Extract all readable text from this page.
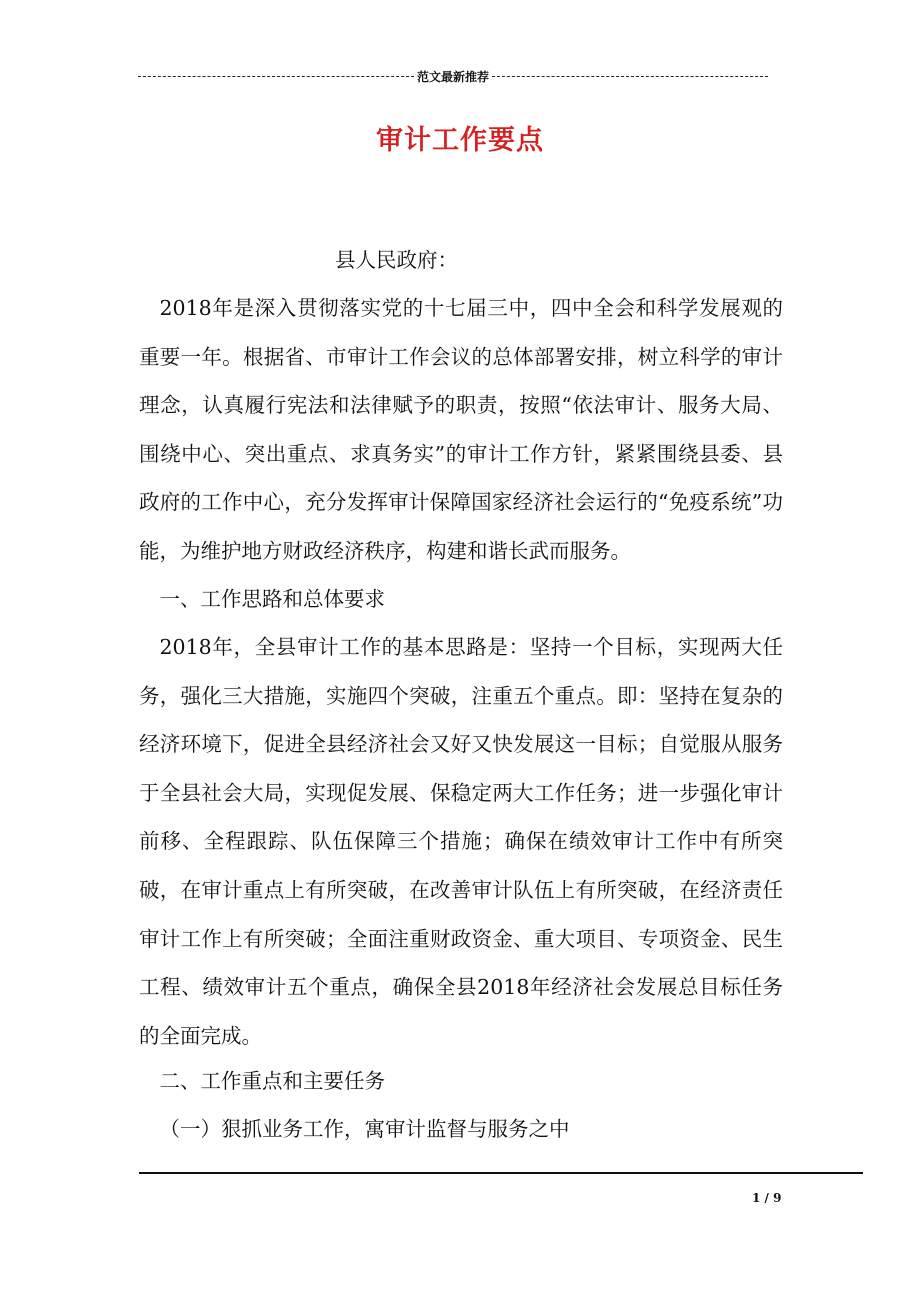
范文最新推荐
审计工作要点
县人民政府：

2018年是深入贯彻落实党的十七届三中，四中全会和科学发展观的重要一年。根据省、市审计工作会议的总体部署安排，树立科学的审计理念，认真履行宪法和法律赋予的职责，按照“依法审计、服务大局、围绕中心、突出重点、求真务实”的审计工作方针，紧紧围绕县委、县政府的工作中心，充分发挥审计保障国家经济社会运行的“免疫系统”功能，为维护地方财政经济秩序，构建和谐长武而服务。

一、工作思路和总体要求

2018年，全县审计工作的基本思路是：坚持一个目标，实现两大任务，强化三大措施，实施四个突破，注重五个重点。即：坚持在复杂的经济环境下，促进全县经济社会又好又快发展这一目标；自觉服从服务于全县社会大局，实现促发展、保稳定两大工作任务；进一步强化审计前移、全程跟踪、队伍保障三个措施；确保在绩效审计工作中有所突破，在审计重点上有所突破，在改善审计队伍上有所突破，在经济责任审计工作上有所突破；全面注重财政资金、重大项目、专项资金、民生工程、绩效审计五个重点，确保全县2018年经济社会发展总目标任务的全面完成。

二、工作重点和主要任务

（一）狠抓业务工作，寓审计监督与服务之中

1 / 9
